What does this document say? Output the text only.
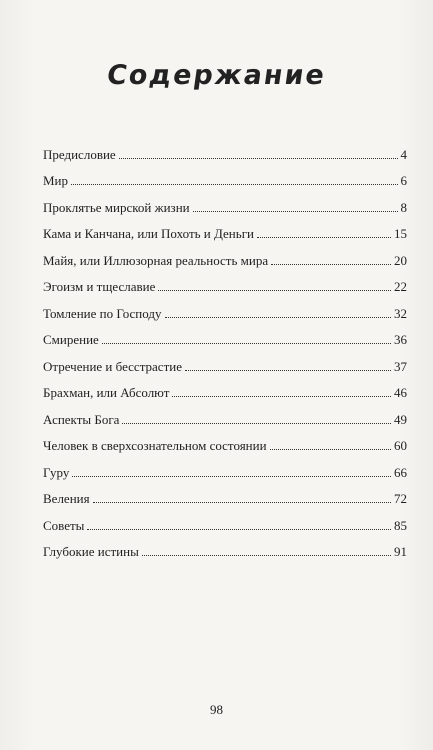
Содержание
Предисловие	4
Мир	6
Проклятье мирской жизни	8
Кама и Канчана, или Похоть и Деньги	15
Майя, или Иллюзорная реальность мира	20
Эгоизм и тщеславие	22
Томление по Господу	32
Смирение	36
Отречение и бесстрастие	37
Брахман, или Абсолют	46
Аспекты Бога	49
Человек в сверхсознательном состоянии	60
Гуру	66
Веления	72
Советы	85
Глубокие истины	91
98
